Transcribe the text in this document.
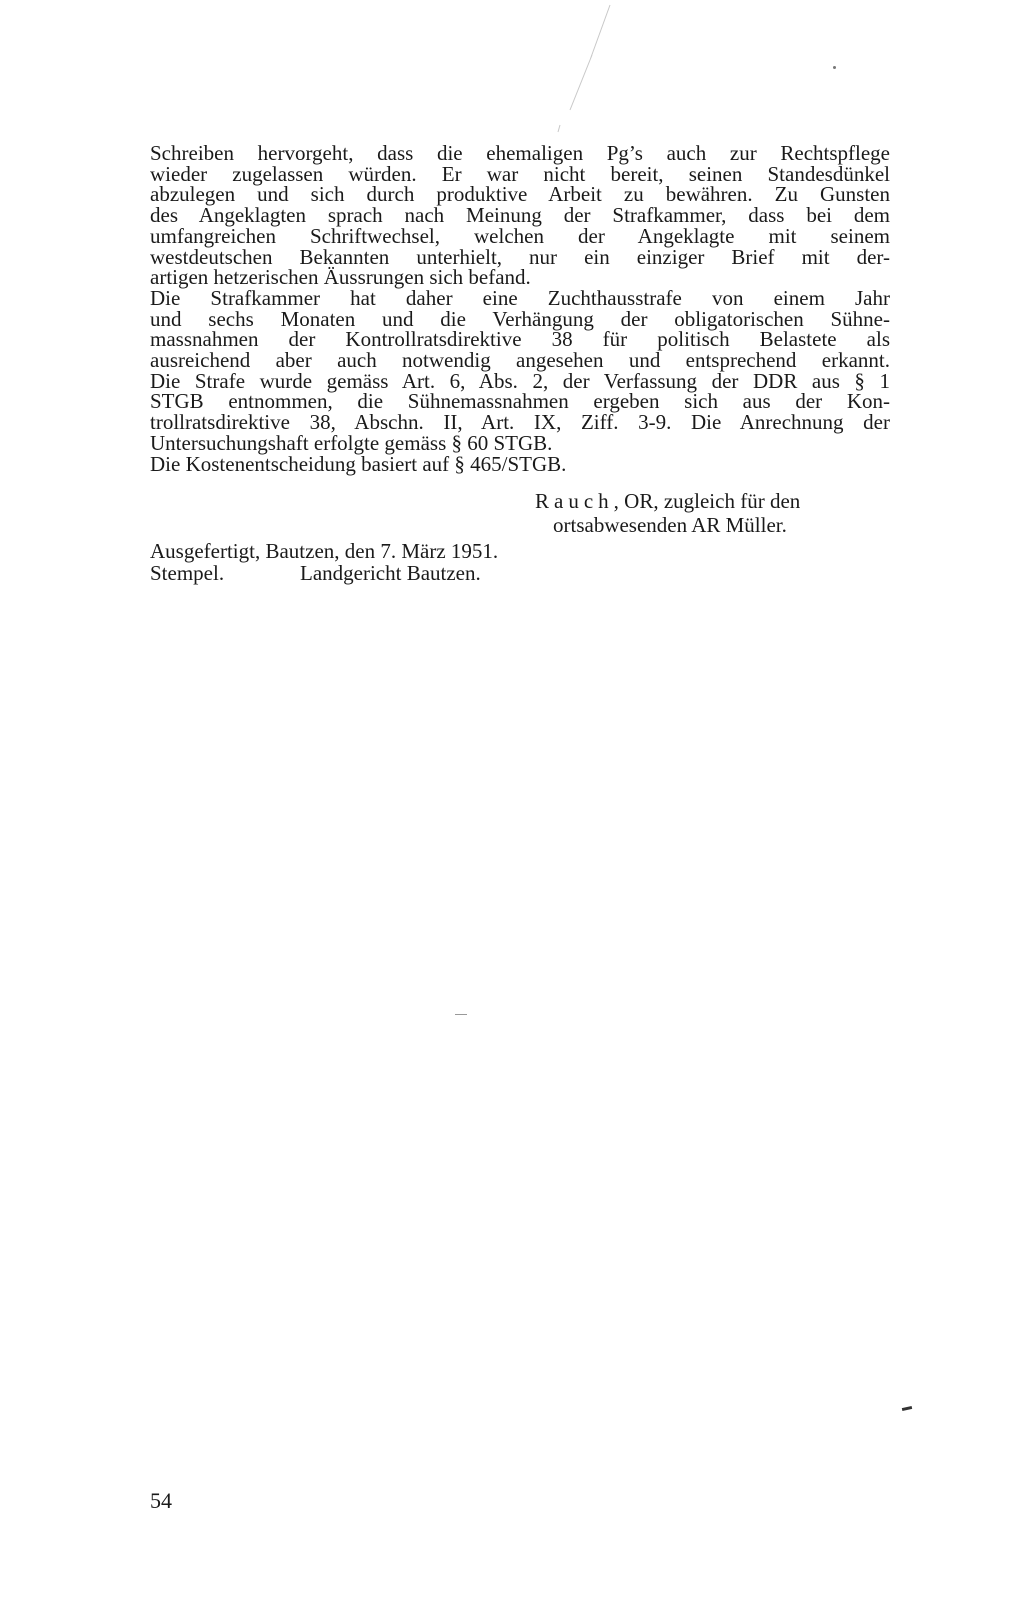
Schreiben hervorgeht, dass die ehemaligen Pg’s auch zur Rechtspflege
wieder zugelassen würden. Er war nicht bereit, seinen Standesdünkel
abzulegen und sich durch produktive Arbeit zu bewähren. Zu Gunsten
des Angeklagten sprach nach Meinung der Strafkammer, dass bei dem
umfangreichen Schriftwechsel, welchen der Angeklagte mit seinem
westdeutschen Bekannten unterhielt, nur ein einziger Brief mit der-
artigen hetzerischen Äussrungen sich befand.
Die Strafkammer hat daher eine Zuchthausstrafe von einem Jahr
und sechs Monaten und die Verhängung der obligatorischen Sühne-
massnahmen der Kontrollratsdirektive 38 für politisch Belastete als
ausreichend aber auch notwendig angesehen und entsprechend erkannt.
Die Strafe wurde gemäss Art. 6, Abs. 2, der Verfassung der DDR aus § 1
STGB entnommen, die Sühnemassnahmen ergeben sich aus der Kon-
trollratsdirektive 38, Abschn. II, Art. IX, Ziff. 3-9. Die Anrechnung der
Untersuchungshaft erfolgte gemäss § 60 STGB.
Die Kostenentscheidung basiert auf § 465/STGB.
Rauch, OR, zugleich für den
ortsabwesenden AR Müller.
Ausgefertigt, Bautzen, den 7. März 1951.
Stempel.	Landgericht Bautzen.
54
